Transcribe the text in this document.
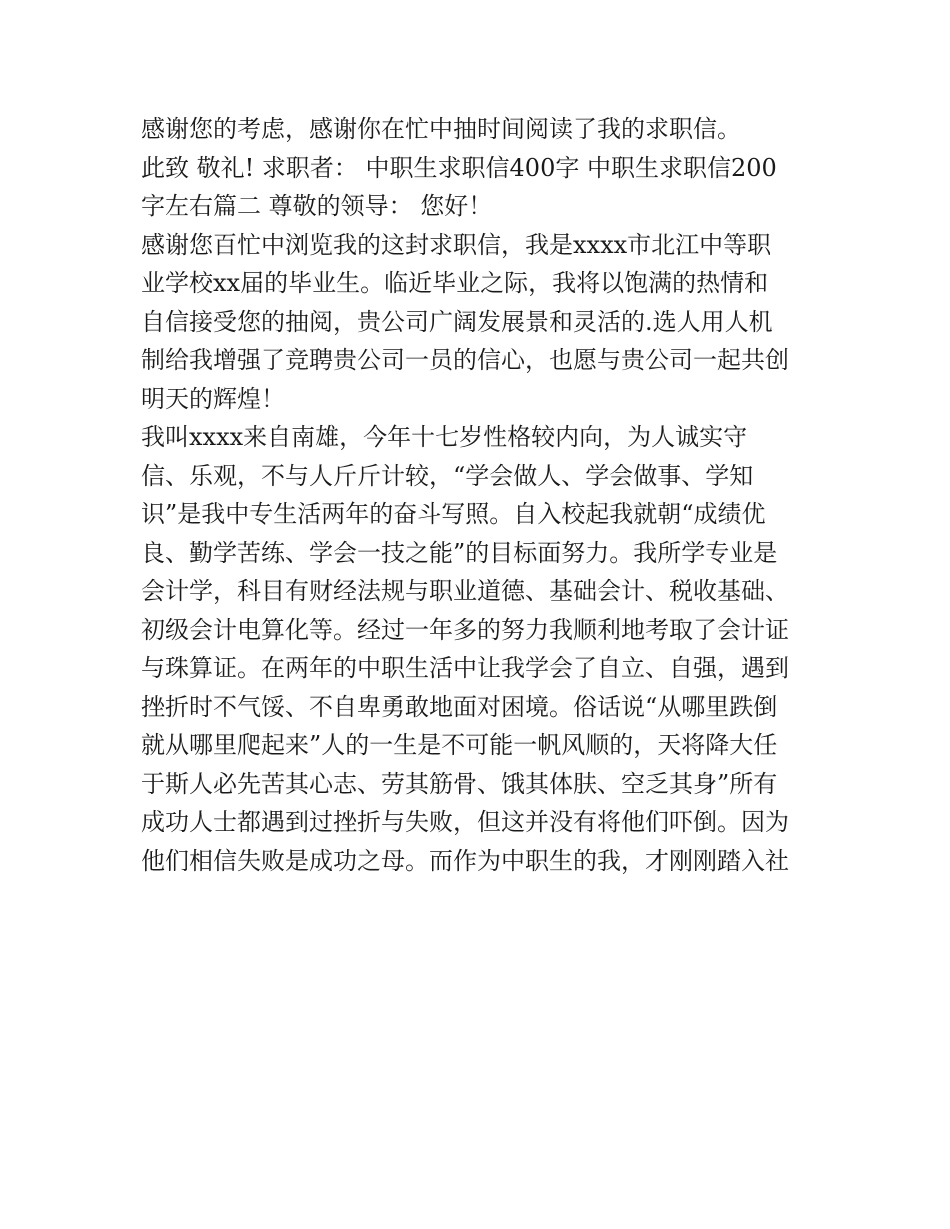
感谢您的考虑，感谢你在忙中抽时间阅读了我的求职信。
此致 敬礼! 求职者： 中职生求职信400字 中职生求职信200
字左右篇二 尊敬的领导： 您好！
感谢您百忙中浏览我的这封求职信，我是xxxx市北江中等职
业学校xx届的毕业生。临近毕业之际，我将以饱满的热情和
自信接受您的抽阅，贵公司广阔发展景和灵活的.选人用人机
制给我增强了竞聘贵公司一员的信心，也愿与贵公司一起共创
明天的辉煌！
我叫xxxx来自南雄，今年十七岁性格较内向，为人诚实守
信、乐观，不与人斤斤计较，“学会做人、学会做事、学知
识”是我中专生活两年的奋斗写照。自入校起我就朝“成绩优
良、勤学苦练、学会一技之能”的目标面努力。我所学专业是
会计学，科目有财经法规与职业道德、基础会计、税收基础、
初级会计电算化等。经过一年多的努力我顺利地考取了会计证
与珠算证。在两年的中职生活中让我学会了自立、自强，遇到
挫折时不气馁、不自卑勇敢地面对困境。俗话说“从哪里跌倒
就从哪里爬起来”人的一生是不可能一帆风顺的，天将降大任
于斯人必先苦其心志、劳其筋骨、饿其体肤、空乏其身”所有
成功人士都遇到过挫折与失败，但这并没有将他们吓倒。因为
他们相信失败是成功之母。而作为中职生的我，才刚刚踏入社
